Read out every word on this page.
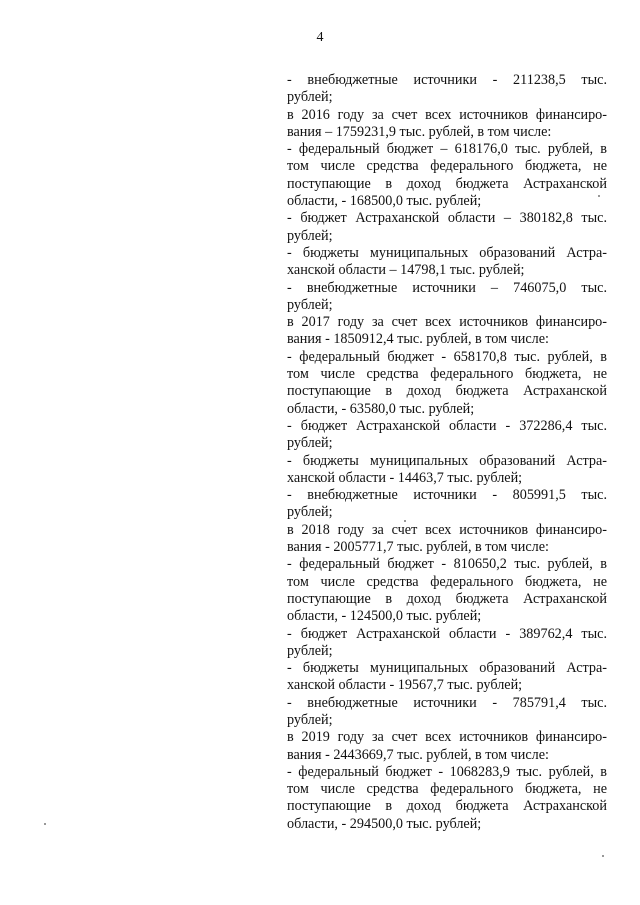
4
- внебюджетные источники - 211238,5 тыс.
рублей;
в 2016 году за счет всех источников финансиро-
вания – 1759231,9 тыс. рублей, в том числе:
- федеральный бюджет – 618176,0 тыс. рублей, в
том числе средства федерального бюджета, не
поступающие в доход бюджета Астраханской
области, - 168500,0 тыс. рублей;
- бюджет Астраханской области – 380182,8 тыс.
рублей;
- бюджеты муниципальных образований Астра-
ханской области – 14798,1 тыс. рублей;
- внебюджетные источники – 746075,0 тыс.
рублей;
в 2017 году за счет всех источников финансиро-
вания - 1850912,4 тыс. рублей, в том числе:
- федеральный бюджет - 658170,8 тыс. рублей, в
том числе средства федерального бюджета, не
поступающие в доход бюджета Астраханской
области, - 63580,0 тыс. рублей;
- бюджет Астраханской области - 372286,4 тыс.
рублей;
- бюджеты муниципальных образований Астра-
ханской области - 14463,7 тыс. рублей;
- внебюджетные источники - 805991,5 тыс.
рублей;
в 2018 году за счет всех источников финансиро-
вания - 2005771,7 тыс. рублей, в том числе:
- федеральный бюджет - 810650,2 тыс. рублей, в
том числе средства федерального бюджета, не
поступающие в доход бюджета Астраханской
области, - 124500,0 тыс. рублей;
- бюджет Астраханской области - 389762,4 тыс.
рублей;
- бюджеты муниципальных образований Астра-
ханской области - 19567,7 тыс. рублей;
- внебюджетные источники - 785791,4 тыс.
рублей;
в 2019 году за счет всех источников финансиро-
вания - 2443669,7 тыс. рублей, в том числе:
- федеральный бюджет - 1068283,9 тыс. рублей, в
том числе средства федерального бюджета, не
поступающие в доход бюджета Астраханской
области, - 294500,0 тыс. рублей;
